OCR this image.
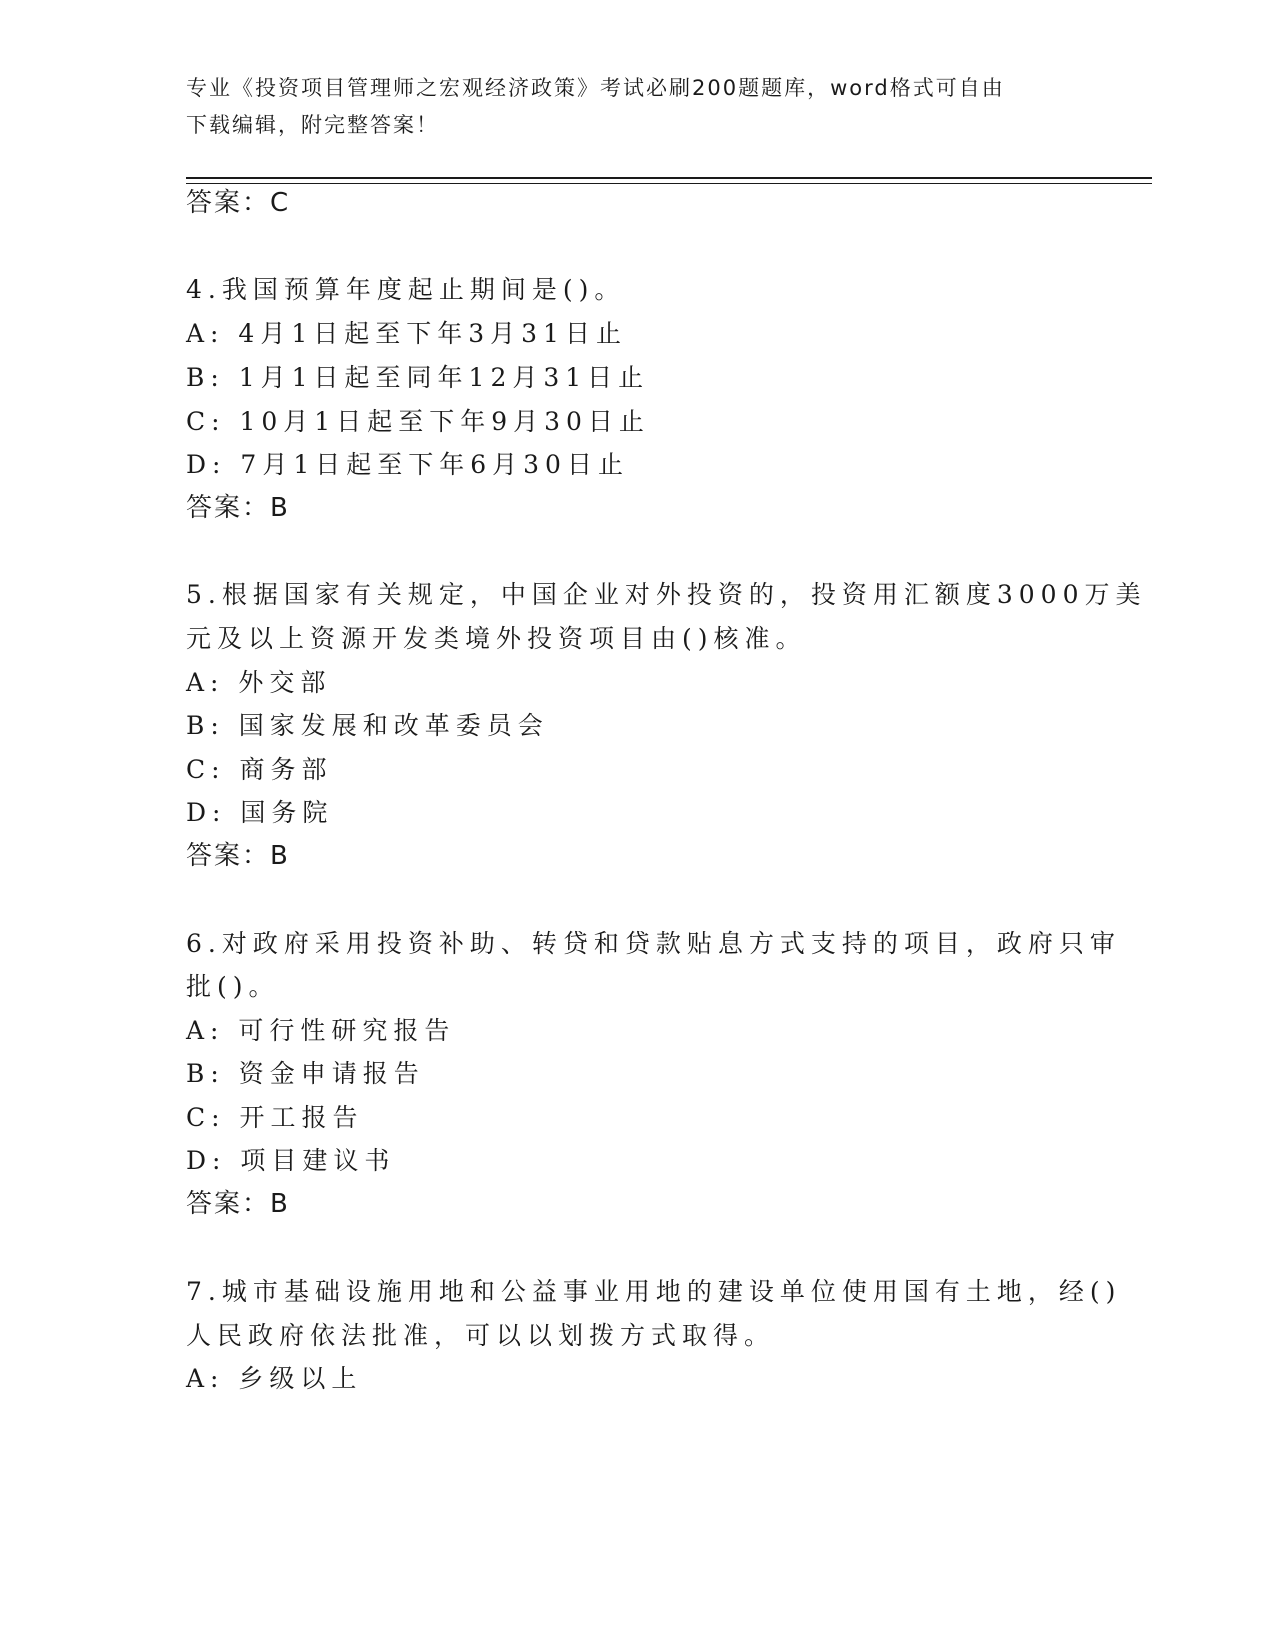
专业《投资项目管理师之宏观经济政策》考试必刷200题题库，word格式可自由
下载编辑，附完整答案！
答案：C
4.我国预算年度起止期间是()。
A: 4月1日起至下年3月31日止
B: 1月1日起至同年12月31日止
C: 10月1日起至下年9月30日止
D: 7月1日起至下年6月30日止
答案：B
5.根据国家有关规定，中国企业对外投资的，投资用汇额度3000万美
元及以上资源开发类境外投资项目由()核准。
A: 外交部
B: 国家发展和改革委员会
C: 商务部
D: 国务院
答案：B
6.对政府采用投资补助、转贷和贷款贴息方式支持的项目，政府只审
批()。
A: 可行性研究报告
B: 资金申请报告
C: 开工报告
D: 项目建议书
答案：B
7.城市基础设施用地和公益事业用地的建设单位使用国有土地，经()
人民政府依法批准，可以以划拨方式取得。
A: 乡级以上
